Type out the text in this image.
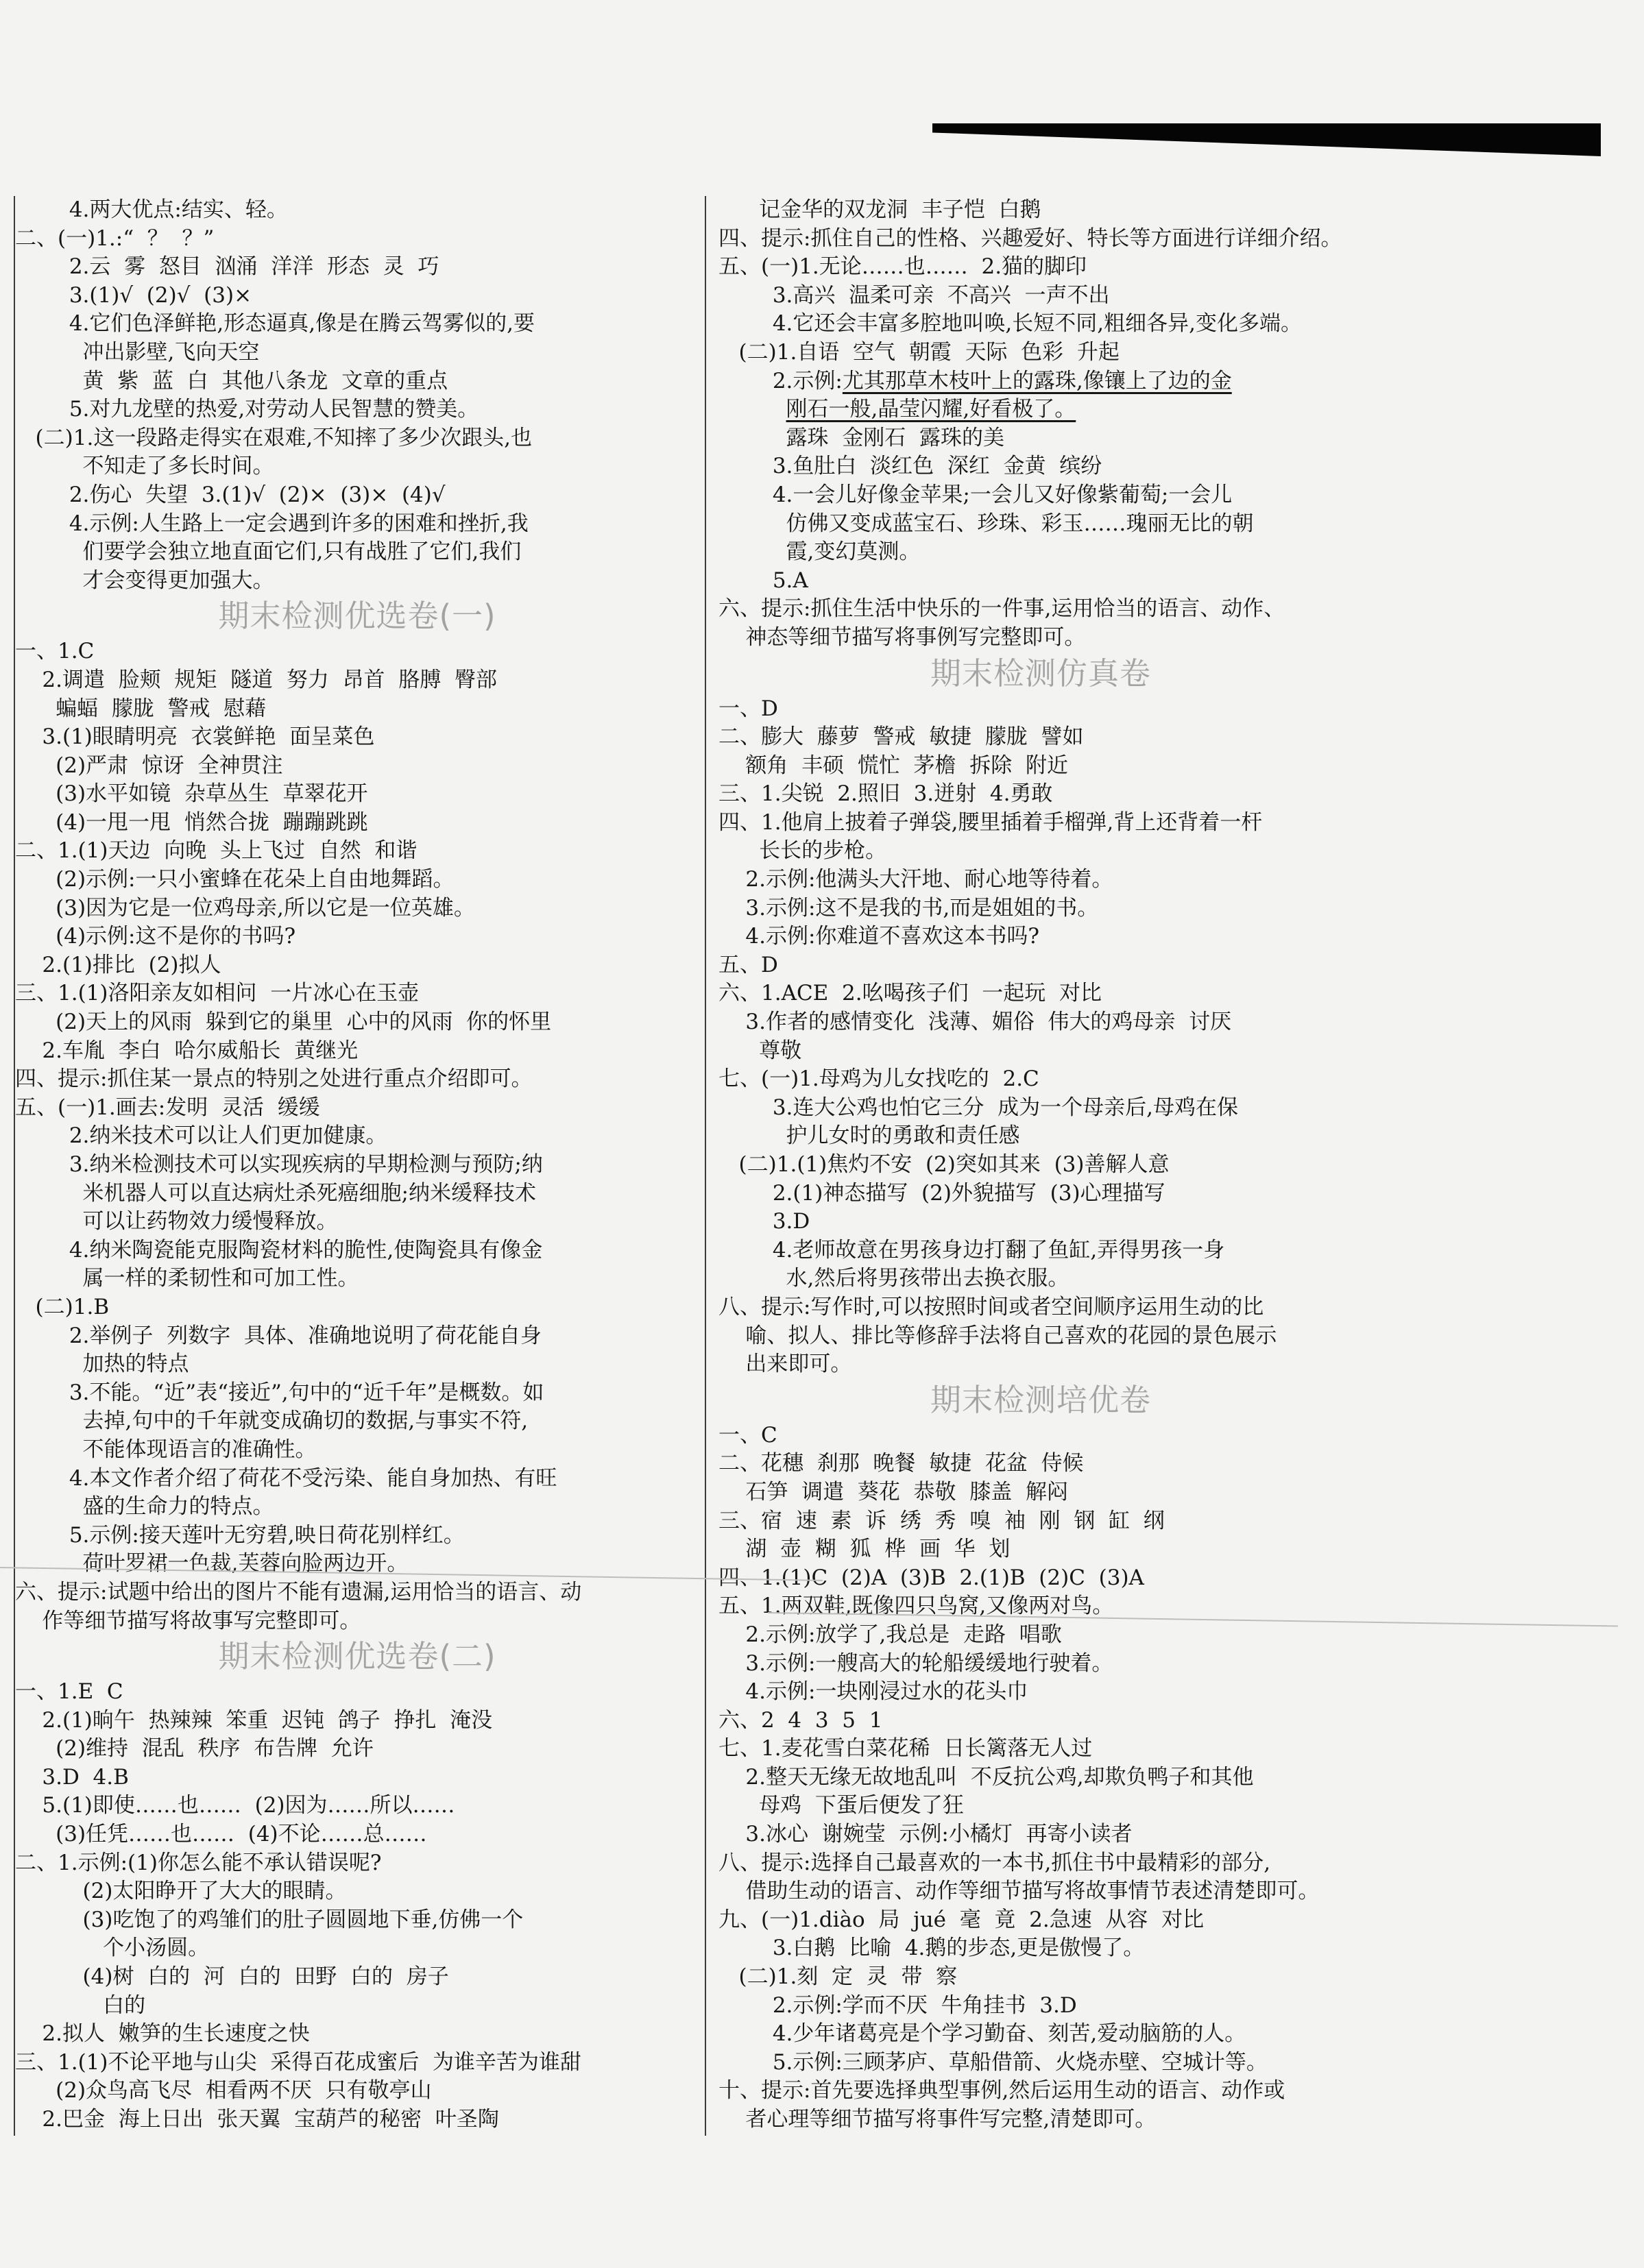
4.两大优点:结实、轻。
二、(一)1.:“  ？  ？”
2.云  雾  怒目  汹涌  洋洋  形态  灵  巧
3.(1)√  (2)√  (3)×
4.它们色泽鲜艳,形态逼真,像是在腾云驾雾似的,要
冲出影壁,飞向天空
黄  紫  蓝  白  其他八条龙  文章的重点
5.对九龙壁的热爱,对劳动人民智慧的赞美。
(二)1.这一段路走得实在艰难,不知摔了多少次跟头,也
不知走了多长时间。
2.伤心  失望  3.(1)√  (2)×  (3)×  (4)√
4.示例:人生路上一定会遇到许多的困难和挫折,我
们要学会独立地直面它们,只有战胜了它们,我们
才会变得更加强大。
期末检测优选卷(一)
一、1.C
2.调遣  脸颊  规矩  隧道  努力  昂首  胳膊  臀部
蝙蝠  朦胧  警戒  慰藉
3.(1)眼睛明亮  衣裳鲜艳  面呈菜色
(2)严肃  惊讶  全神贯注
(3)水平如镜  杂草丛生  草翠花开
(4)一甩一甩  悄然合拢  蹦蹦跳跳
二、1.(1)天边  向晚  头上飞过  自然  和谐
(2)示例:一只小蜜蜂在花朵上自由地舞蹈。
(3)因为它是一位鸡母亲,所以它是一位英雄。
(4)示例:这不是你的书吗?
2.(1)排比  (2)拟人
三、1.(1)洛阳亲友如相问  一片冰心在玉壶
(2)天上的风雨  躲到它的巢里  心中的风雨  你的怀里
2.车胤  李白  哈尔威船长  黄继光
四、提示:抓住某一景点的特别之处进行重点介绍即可。
五、(一)1.画去:发明  灵活  缓缓
2.纳米技术可以让人们更加健康。
3.纳米检测技术可以实现疾病的早期检测与预防;纳
米机器人可以直达病灶杀死癌细胞;纳米缓释技术
可以让药物效力缓慢释放。
4.纳米陶瓷能克服陶瓷材料的脆性,使陶瓷具有像金
属一样的柔韧性和可加工性。
(二)1.B
2.举例子  列数字  具体、准确地说明了荷花能自身
加热的特点
3.不能。“近”表“接近”,句中的“近千年”是概数。如
去掉,句中的千年就变成确切的数据,与事实不符,
不能体现语言的准确性。
4.本文作者介绍了荷花不受污染、能自身加热、有旺
盛的生命力的特点。
5.示例:接天莲叶无穷碧,映日荷花别样红。
荷叶罗裙一色裁,芙蓉向脸两边开。
六、提示:试题中给出的图片不能有遗漏,运用恰当的语言、动
作等细节描写将故事写完整即可。
期末检测优选卷(二)
一、1.E  C
2.(1)晌午  热辣辣  笨重  迟钝  鸽子  挣扎  淹没
(2)维持  混乱  秩序  布告牌  允许
3.D  4.B
5.(1)即使……也……  (2)因为……所以……
(3)任凭……也……  (4)不论……总……
二、1.示例:(1)你怎么能不承认错误呢?
(2)太阳睁开了大大的眼睛。
(3)吃饱了的鸡雏们的肚子圆圆地下垂,仿佛一个
个小汤圆。
(4)树  白的  河  白的  田野  白的  房子
白的
2.拟人  嫩笋的生长速度之快
三、1.(1)不论平地与山尖  采得百花成蜜后  为谁辛苦为谁甜
(2)众鸟高飞尽  相看两不厌  只有敬亭山
2.巴金  海上日出  张天翼  宝葫芦的秘密  叶圣陶
记金华的双龙洞  丰子恺  白鹅
四、提示:抓住自己的性格、兴趣爱好、特长等方面进行详细介绍。
五、(一)1.无论……也……  2.猫的脚印
3.高兴  温柔可亲  不高兴  一声不出
4.它还会丰富多腔地叫唤,长短不同,粗细各异,变化多端。
(二)1.自语  空气  朝霞  天际  色彩  升起
2.示例:尤其那草木枝叶上的露珠,像镶上了边的金
刚石一般,晶莹闪耀,好看极了。
露珠  金刚石  露珠的美
3.鱼肚白  淡红色  深红  金黄  缤纷
4.一会儿好像金苹果;一会儿又好像紫葡萄;一会儿
仿佛又变成蓝宝石、珍珠、彩玉……瑰丽无比的朝
霞,变幻莫测。
5.A
六、提示:抓住生活中快乐的一件事,运用恰当的语言、动作、
神态等细节描写将事例写完整即可。
期末检测仿真卷
一、D
二、膨大  藤萝  警戒  敏捷  朦胧  譬如
额角  丰硕  慌忙  茅檐  拆除  附近
三、1.尖锐  2.照旧  3.迸射  4.勇敢
四、1.他肩上披着子弹袋,腰里插着手榴弹,背上还背着一杆
长长的步枪。
2.示例:他满头大汗地、耐心地等待着。
3.示例:这不是我的书,而是姐姐的书。
4.示例:你难道不喜欢这本书吗?
五、D
六、1.ACE  2.吆喝孩子们  一起玩  对比
3.作者的感情变化  浅薄、媚俗  伟大的鸡母亲  讨厌
尊敬
七、(一)1.母鸡为儿女找吃的  2.C
3.连大公鸡也怕它三分  成为一个母亲后,母鸡在保
护儿女时的勇敢和责任感
(二)1.(1)焦灼不安  (2)突如其来  (3)善解人意
2.(1)神态描写  (2)外貌描写  (3)心理描写
3.D
4.老师故意在男孩身边打翻了鱼缸,弄得男孩一身
水,然后将男孩带出去换衣服。
八、提示:写作时,可以按照时间或者空间顺序运用生动的比
喻、拟人、排比等修辞手法将自己喜欢的花园的景色展示
出来即可。
期末检测培优卷
一、C
二、花穗  刹那  晚餐  敏捷  花盆  侍候
石笋  调遣  葵花  恭敬  膝盖  解闷
三、宿  速  素  诉  绣  秀  嗅  袖  刚  钢  缸  纲
湖  壶  糊  狐  桦  画  华  划
四、1.(1)C  (2)A  (3)B  2.(1)B  (2)C  (3)A
五、1.两双鞋,既像四只鸟窝,又像两对鸟。
2.示例:放学了,我总是  走路  唱歌
3.示例:一艘高大的轮船缓缓地行驶着。
4.示例:一块刚浸过水的花头巾
六、2  4  3  5  1
七、1.麦花雪白菜花稀  日长篱落无人过
2.整天无缘无故地乱叫  不反抗公鸡,却欺负鸭子和其他
母鸡  下蛋后便发了狂
3.冰心  谢婉莹  示例:小橘灯  再寄小读者
八、提示:选择自己最喜欢的一本书,抓住书中最精彩的部分,
借助生动的语言、动作等细节描写将故事情节表述清楚即可。
九、(一)1.diào  局  jué  毫  竟  2.急速  从容  对比
3.白鹅  比喻  4.鹅的步态,更是傲慢了。
(二)1.刻  定  灵  带  察
2.示例:学而不厌  牛角挂书  3.D
4.少年诸葛亮是个学习勤奋、刻苦,爱动脑筋的人。
5.示例:三顾茅庐、草船借箭、火烧赤壁、空城计等。
十、提示:首先要选择典型事例,然后运用生动的语言、动作或
者心理等细节描写将事件写完整,清楚即可。
